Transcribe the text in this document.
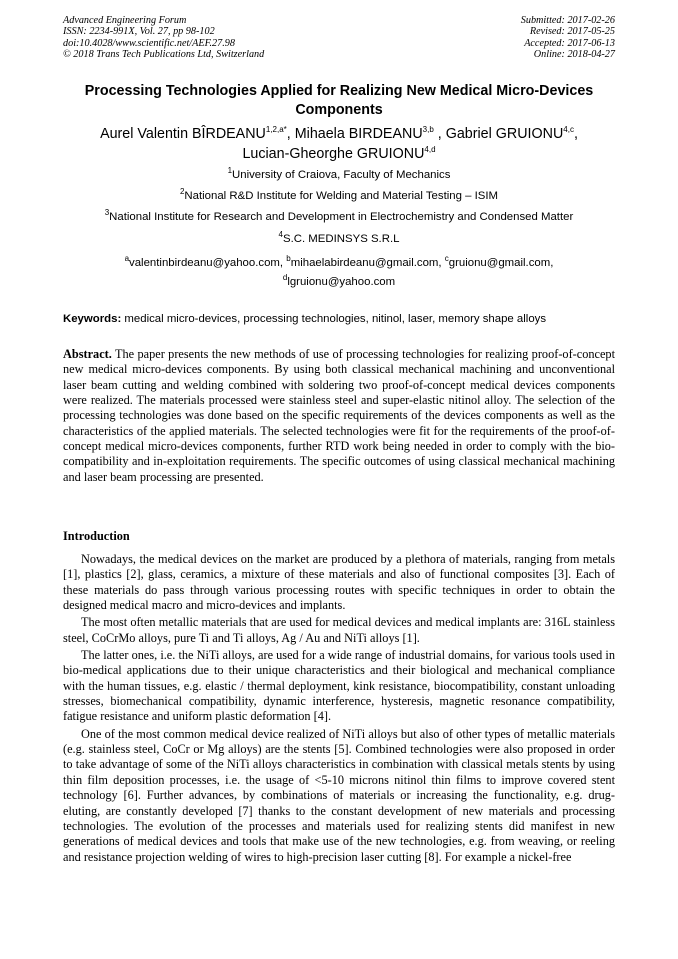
Advanced Engineering Forum
ISSN: 2234-991X, Vol. 27, pp 98-102
doi:10.4028/www.scientific.net/AEF.27.98
© 2018 Trans Tech Publications Ltd, Switzerland
Submitted: 2017-02-26
Revised: 2017-05-25
Accepted: 2017-06-13
Online: 2018-04-27
Processing Technologies Applied for Realizing New Medical Micro-Devices Components
Aurel Valentin $BÎRDEANU^{1,2,a*}$, Mihaela BIRDEANU$^{3,b}$ , Gabriel GRUIONU$^{4,c}$,
Lucian-Gheorghe GRUIONU$^{4,d}$
$^1$University of Craiova, Faculty of Mechanics
$^2$National R&D Institute for Welding and Material Testing – ISIM
$^3$National Institute for Research and Development in Electrochemistry and Condensed Matter
$^4$S.C. MEDINSYS S.R.L
$^a$valentinbirdeanu@yahoo.com, $^b$mihaelabirdeanu@gmail.com, $^c$gruionu@gmail.com,
$^d$lgruionu@yahoo.com
Keywords: medical micro-devices, processing technologies, nitinol, laser, memory shape alloys
Abstract. The paper presents the new methods of use of processing technologies for realizing proof-of-concept new medical micro-devices components. By using both classical mechanical machining and unconventional laser beam cutting and welding combined with soldering two proof-of-concept medical devices components were realized. The materials processed were stainless steel and super-elastic nitinol alloy. The selection of the processing technologies was done based on the specific requirements of the devices components as well as the characteristics of the applied materials. The selected technologies were fit for the requirements of the proof-of-concept medical micro-devices components, further RTD work being needed in order to comply with the bio-compatibility and in-exploitation requirements. The specific outcomes of using classical mechanical machining and laser beam processing are presented.
Introduction

Nowadays, the medical devices on the market are produced by a plethora of materials, ranging from metals [1], plastics [2], glass, ceramics, a mixture of these materials and also of functional composites [3]. Each of these materials do pass through various processing routes with specific techniques in order to obtain the designed medical macro and micro-devices and implants.

The most often metallic materials that are used for medical devices and medical implants are: 316L stainless steel, CoCrMo alloys, pure Ti and Ti alloys, Ag / Au and NiTi alloys [1].

The latter ones, i.e. the NiTi alloys, are used for a wide range of industrial domains, for various tools used in bio-medical applications due to their unique characteristics and their biological and mechanical compliance with the human tissues, e.g. elastic / thermal deployment, kink resistance, biocompatibility, constant unloading stresses, biomechanical compatibility, dynamic interference, hysteresis, magnetic resonance compatibility, fatigue resistance and uniform plastic deformation [4].

One of the most common medical device realized of NiTi alloys but also of other types of metallic materials (e.g. stainless steel, CoCr or Mg alloys) are the stents [5]. Combined technologies were also proposed in order to take advantage of some of the NiTi alloys characteristics in combination with classical metals stents by using thin film deposition processes, i.e. the usage of <5-10 microns nitinol thin films to improve covered stent technology [6]. Further advances, by combinations of materials or increasing the functionality, e.g. drug-eluting, are constantly developed [7] thanks to the constant development of new materials and processing technologies. The evolution of the processes and materials used for realizing stents did manifest in new generations of medical devices and tools that make use of the new technologies, e.g. from weaving, or reeling and resistance projection welding of wires to high-precision laser cutting [8]. For example a nickel-free
